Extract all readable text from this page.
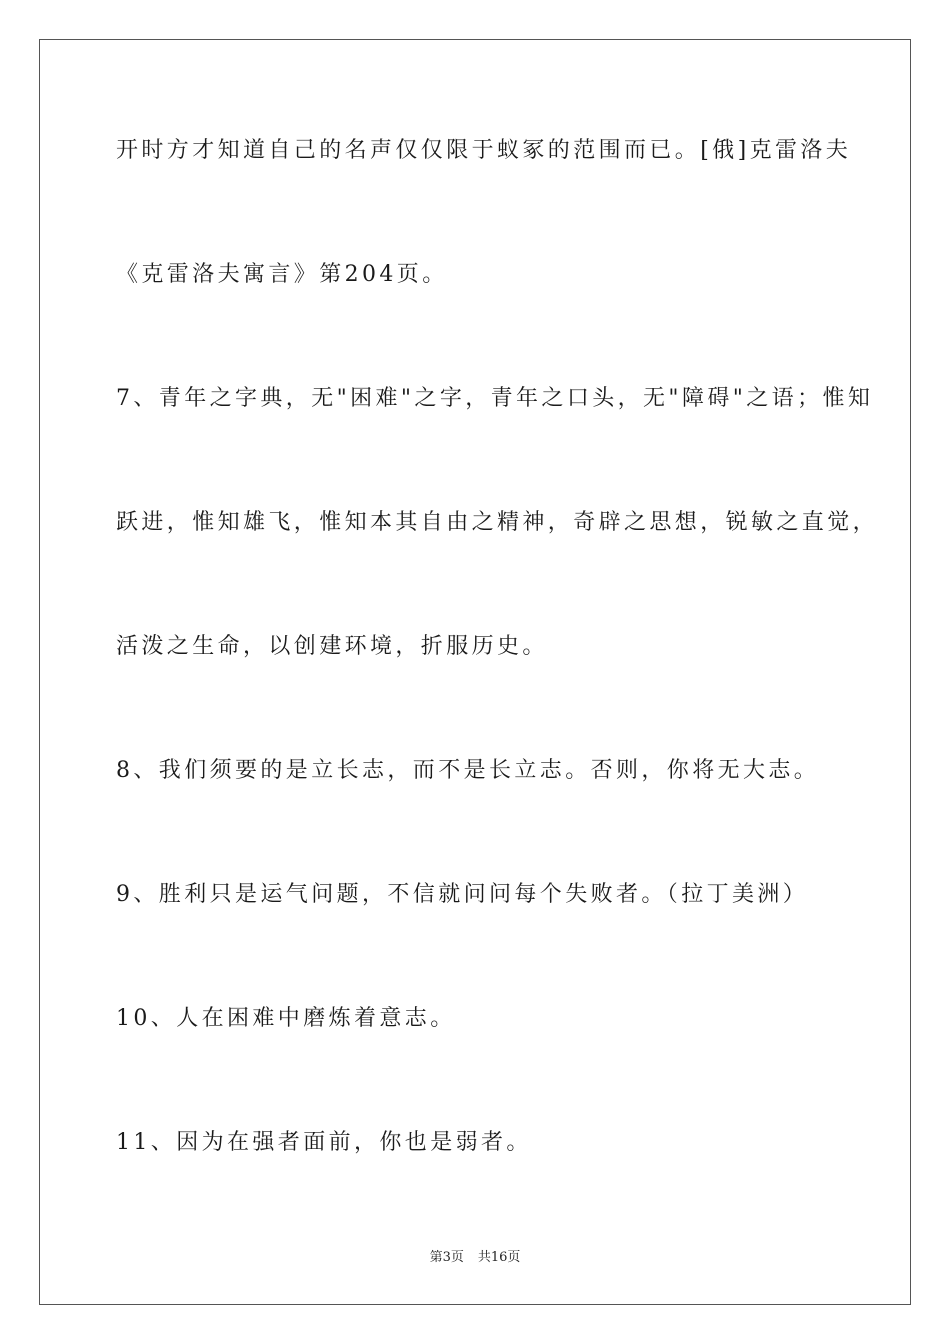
开时方才知道自己的名声仅仅限于蚁冢的范围而已。[俄]克雷洛夫
《克雷洛夫寓言》第204页。
7、青年之字典，无"困难"之字，青年之口头，无"障碍"之语；惟知
跃进，惟知雄飞，惟知本其自由之精神，奇辟之思想，锐敏之直觉，
活泼之生命，以创建环境，折服历史。
8、我们须要的是立长志，而不是长立志。否则，你将无大志。
9、胜利只是运气问题，不信就问问每个失败者。（拉丁美洲）
10、人在困难中磨炼着意志。
11、因为在强者面前，你也是弱者。
第3页 共16页
